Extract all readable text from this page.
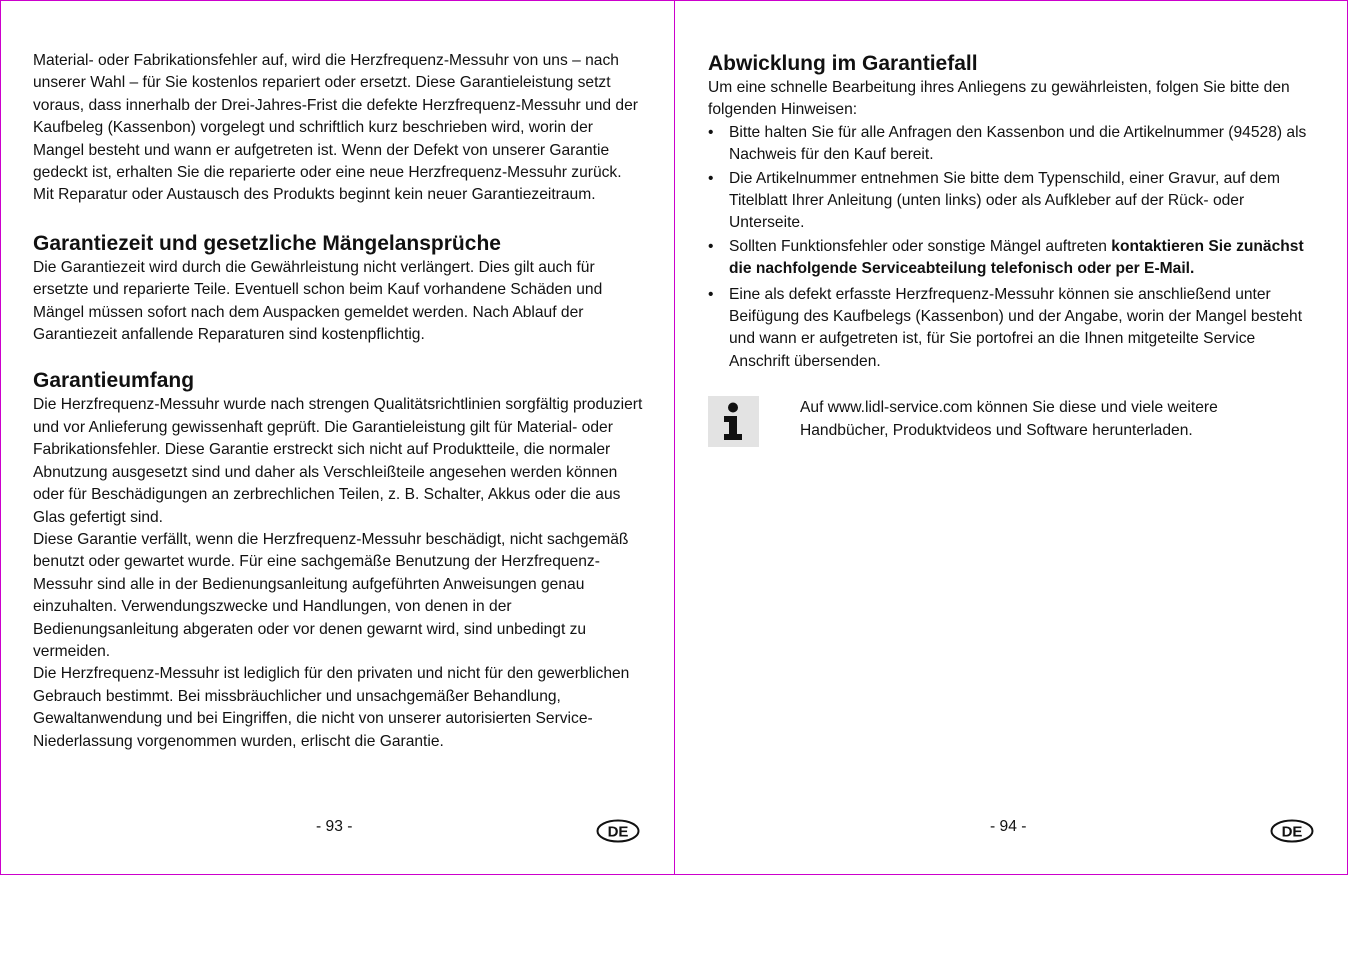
Material- oder Fabrikationsfehler auf, wird die Herzfrequenz-Messuhr von uns – nach unserer Wahl – für Sie kostenlos repariert oder ersetzt. Diese Garantieleistung setzt voraus, dass innerhalb der Drei-Jahres-Frist die defekte Herzfrequenz-Messuhr und der Kaufbeleg (Kassenbon) vorgelegt und schriftlich kurz beschrieben wird, worin der Mangel besteht und wann er aufgetreten ist. Wenn der Defekt von unserer Garantie gedeckt ist, erhalten Sie die reparierte oder eine neue Herzfrequenz-Messuhr zurück. Mit Reparatur oder Austausch des Produkts beginnt kein neuer Garantiezeitraum.

Garantiezeit und gesetzliche Mängelansprüche

Die Garantiezeit wird durch die Gewährleistung nicht verlängert. Dies gilt auch für ersetzte und reparierte Teile. Eventuell schon beim Kauf vorhandene Schäden und Mängel müssen sofort nach dem Auspacken gemeldet werden. Nach Ablauf der Garantiezeit anfallende Reparaturen sind kostenpflichtig.

Garantieumfang

Die Herzfrequenz-Messuhr wurde nach strengen Qualitätsrichtlinien sorgfältig produziert und vor Anlieferung gewissenhaft geprüft. Die Garantieleistung gilt für Material- oder Fabrikationsfehler. Diese Garantie erstreckt sich nicht auf Produktteile, die normaler Abnutzung ausgesetzt sind und daher als Verschleißteile angesehen werden können oder für Beschädigungen an zerbrechlichen Teilen, z. B. Schalter, Akkus oder die aus Glas gefertigt sind.

Diese Garantie verfällt, wenn die Herzfrequenz-Messuhr beschädigt, nicht sachgemäß benutzt oder gewartet wurde. Für eine sachgemäße Benutzung der Herzfrequenz-Messuhr sind alle in der Bedienungsanleitung aufgeführten Anweisungen genau einzuhalten. Verwendungszwecke und Handlungen, von denen in der Bedienungsanleitung abgeraten oder vor denen gewarnt wird, sind unbedingt zu vermeiden.

Die Herzfrequenz-Messuhr ist lediglich für den privaten und nicht für den gewerblichen Gebrauch bestimmt. Bei missbräuchlicher und unsachgemäßer Behandlung, Gewaltanwendung und bei Eingriffen, die nicht von unserer autorisierten Service-Niederlassung vorgenommen wurden, erlischt die Garantie.

- 93 -	DE
Abwicklung im Garantiefall

Um eine schnelle Bearbeitung ihres Anliegens zu gewährleisten, folgen Sie bitte den folgenden Hinweisen:

• Bitte halten Sie für alle Anfragen den Kassenbon und die Artikelnummer (94528) als Nachweis für den Kauf bereit.
• Die Artikelnummer entnehmen Sie bitte dem Typenschild, einer Gravur, auf dem Titelblatt Ihrer Anleitung (unten links) oder als Aufkleber auf der Rück- oder Unterseite.
• Sollten Funktionsfehler oder sonstige Mängel auftreten kontaktieren Sie zunächst die nachfolgende Serviceabteilung telefonisch oder per E-Mail.
• Eine als defekt erfasste Herzfrequenz-Messuhr können sie anschließend unter Beifügung des Kaufbelegs (Kassenbon) und der Angabe, worin der Mangel besteht und wann er aufgetreten ist, für Sie portofrei an die Ihnen mitgeteilte Service Anschrift übersenden.

Auf www.lidl-service.com können Sie diese und viele weitere Handbücher, Produktvideos und Software herunterladen.

- 94 -	DE
